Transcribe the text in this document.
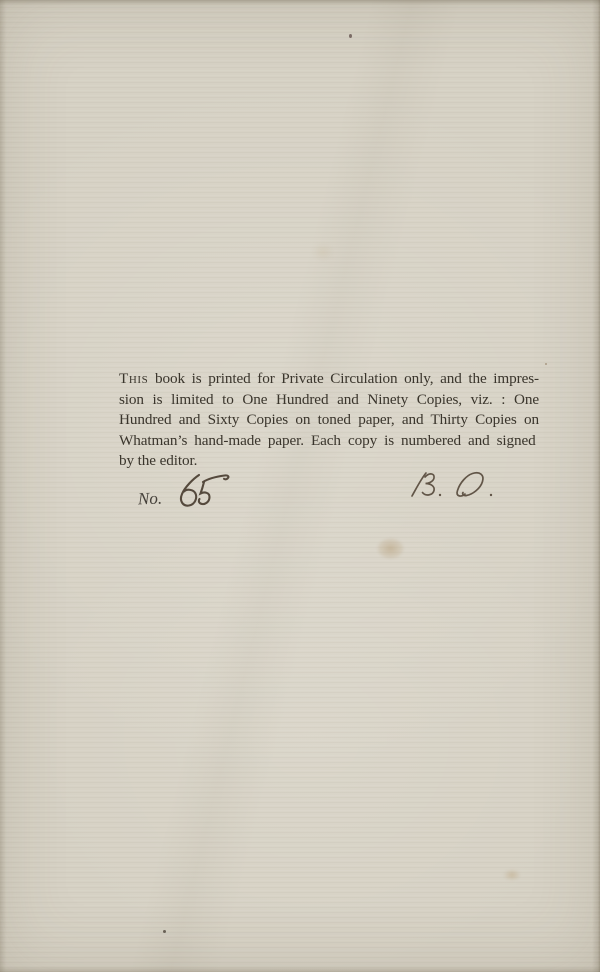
This book is printed for Private Circulation only, and the impres-
sion is limited to One Hundred and Ninety Copies, viz. : One
Hundred and Sixty Copies on toned paper, and Thirty Copies on
Whatman’s hand-made paper. Each copy is numbered and signed
by the editor.
No.
